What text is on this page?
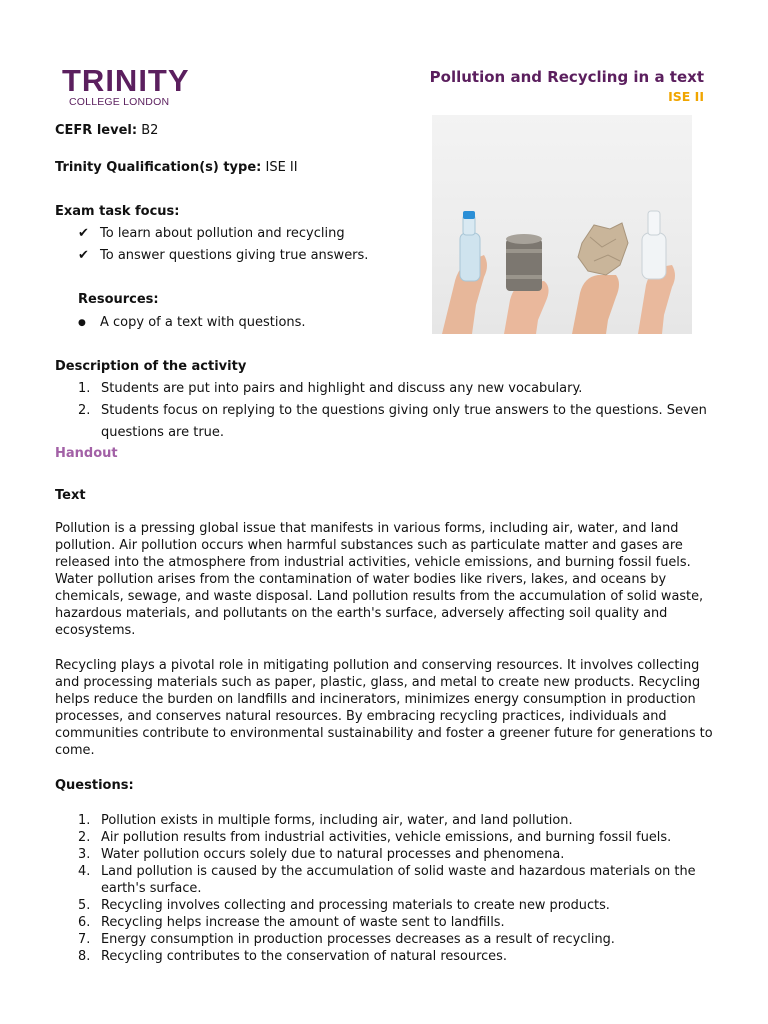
TRINITY
COLLEGE LONDON
Pollution and Recycling in a text
ISE II
CEFR level: B2
Trinity Qualification(s) type: ISE II
Exam task focus:
✔ To learn about pollution and recycling
✔ To answer questions giving true answers.
Resources:
● A copy of a text with questions.
Description of the activity
1. Students are put into pairs and highlight and discuss any new vocabulary.
2. Students focus on replying to the questions giving only true answers to the questions. Seven questions are true.
Handout
Text
Pollution is a pressing global issue that manifests in various forms, including air, water, and land pollution. Air pollution occurs when harmful substances such as particulate matter and gases are released into the atmosphere from industrial activities, vehicle emissions, and burning fossil fuels. Water pollution arises from the contamination of water bodies like rivers, lakes, and oceans by chemicals, sewage, and waste disposal. Land pollution results from the accumulation of solid waste, hazardous materials, and pollutants on the earth's surface, adversely affecting soil quality and ecosystems.
Recycling plays a pivotal role in mitigating pollution and conserving resources. It involves collecting and processing materials such as paper, plastic, glass, and metal to create new products. Recycling helps reduce the burden on landfills and incinerators, minimizes energy consumption in production processes, and conserves natural resources. By embracing recycling practices, individuals and communities contribute to environmental sustainability and foster a greener future for generations to come.
Questions:
1. Pollution exists in multiple forms, including air, water, and land pollution.
2. Air pollution results from industrial activities, vehicle emissions, and burning fossil fuels.
3. Water pollution occurs solely due to natural processes and phenomena.
4. Land pollution is caused by the accumulation of solid waste and hazardous materials on the earth's surface.
5. Recycling involves collecting and processing materials to create new products.
6. Recycling helps increase the amount of waste sent to landfills.
7. Energy consumption in production processes decreases as a result of recycling.
8. Recycling contributes to the conservation of natural resources.
